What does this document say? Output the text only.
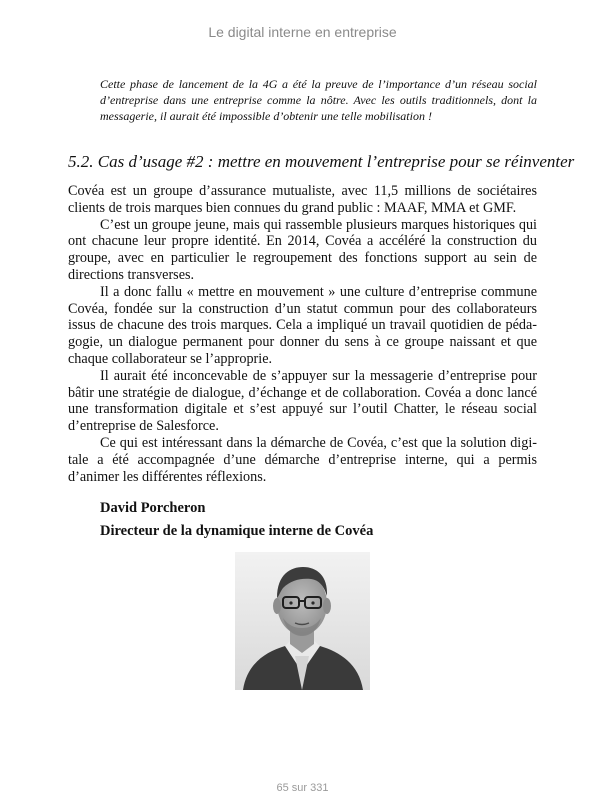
Le digital interne en entreprise
Cette phase de lancement de la 4G a été la preuve de l’importance d’un réseau social d’entreprise dans une entreprise comme la nôtre. Avec les outils traditionnels, dont la messagerie, il aurait été impossible d’obtenir une telle mobilisation !
5.2. Cas d’usage #2 : mettre en mouvement l’entreprise pour se réinventer

Covéa est un groupe d’assurance mutualiste, avec 11,5 millions de sociétaires clients de trois marques bien connues du grand public : MAAF, MMA et GMF.

C’est un groupe jeune, mais qui rassemble plusieurs marques historiques qui ont chacune leur propre identité. En 2014, Covéa a accéléré la construction du groupe, avec en particulier le regroupement des fonctions support au sein de directions transverses.

Il a donc fallu « mettre en mouvement » une culture d’entreprise commune Covéa, fondée sur la construction d’un statut commun pour des collaborateurs issus de chacune des trois marques. Cela a impliqué un travail quotidien de pédagogie, un dialogue permanent pour donner du sens à ce groupe naissant et que chaque collaborateur se l’approprie.

Il aurait été inconcevable de s’appuyer sur la messagerie d’entreprise pour bâtir une stratégie de dialogue, d’échange et de collaboration. Covéa a donc lancé une transformation digitale et s’est appuyé sur l’outil Chatter, le réseau social d’entreprise de Salesforce.

Ce qui est intéressant dans la démarche de Covéa, c’est que la solution digitale a été accompagnée d’une démarche d’entreprise interne, qui a permis d’animer les différentes réflexions.

David Porcheron
Directeur de la dynamique interne de Covéa
65 sur 331
